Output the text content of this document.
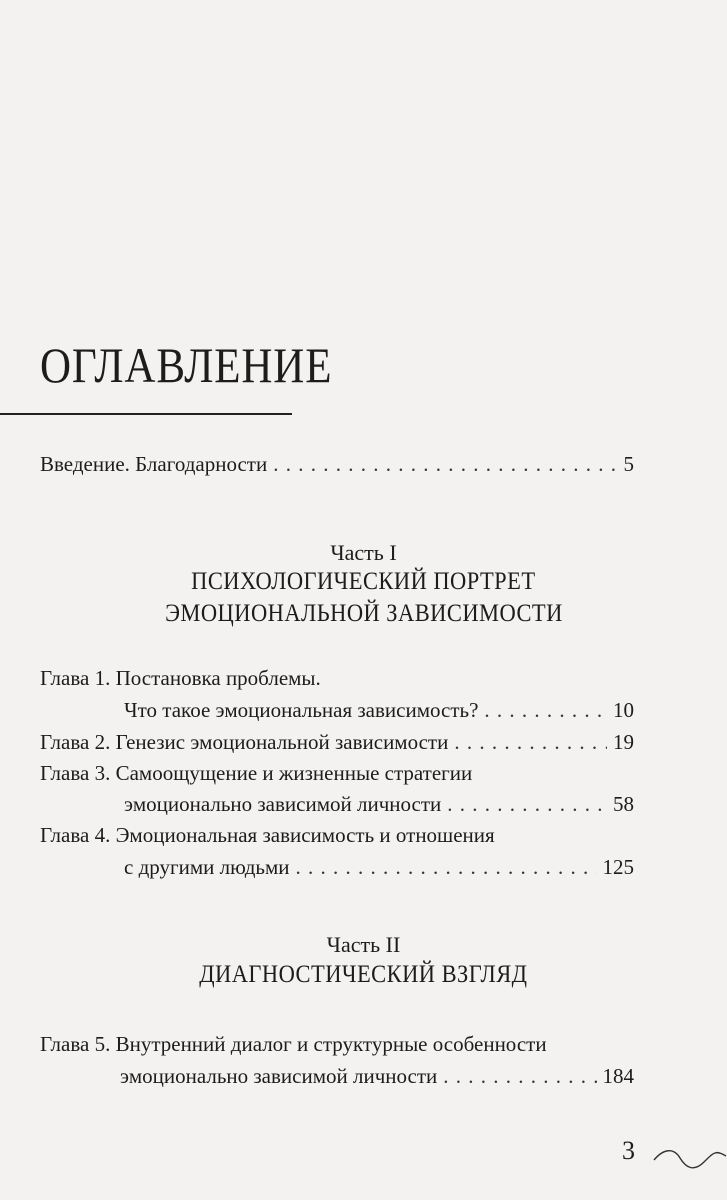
ОГЛАВЛЕНИЕ
Введение. Благодарности . . .	5
Часть I
ПСИХОЛОГИЧЕСКИЙ ПОРТРЕТ
ЭМОЦИОНАЛЬНОЙ ЗАВИСИМОСТИ
Глава 1. Постановка проблемы.
Что такое эмоциональная зависимость? . . .	10
Глава 2. Генезис эмоциональной зависимости . . .	19
Глава 3. Самоощущение и жизненные стратегии
эмоционально зависимой личности . . .	58
Глава 4. Эмоциональная зависимость и отношения
с другими людьми . . .	125
Часть II
ДИАГНОСТИЧЕСКИЙ ВЗГЛЯД
Глава 5. Внутренний диалог и структурные особенности
эмоционально зависимой личности . . .	184
3
